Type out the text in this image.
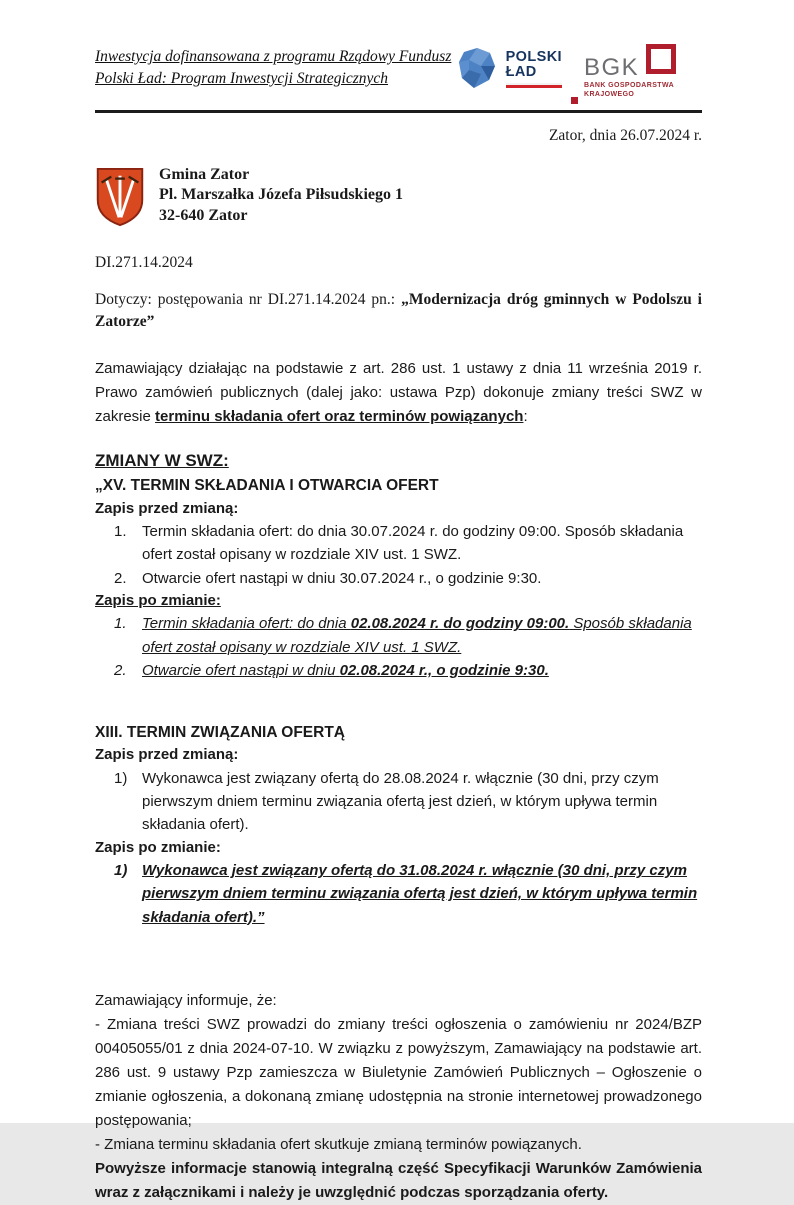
Inwestycja dofinansowana z programu Rządowy Fundusz Polski Ład: Program Inwestycji Strategicznych
POLSKI
ŁAD	BGK
BANK GOSPODARSTWA KRAJOWEGO
Zator, dnia 26.07.2024 r.
Gmina Zator
Pl. Marszałka Józefa Piłsudskiego 1
32-640 Zator
DI.271.14.2024
Dotyczy: postępowania nr DI.271.14.2024 pn.: „Modernizacja dróg gminnych w Podolszu i Zatorze”
Zamawiający działając na podstawie z art. 286 ust. 1 ustawy z dnia 11 września 2019 r. Prawo zamówień publicznych (dalej jako: ustawa Pzp) dokonuje zmiany treści SWZ w zakresie terminu składania ofert oraz terminów powiązanych:
ZMIANY W SWZ:
„XV. TERMIN SKŁADANIA I OTWARCIA OFERT
Zapis przed zmianą:
1.	Termin składania ofert: do dnia 30.07.2024 r. do godziny 09:00. Sposób składania ofert został opisany w rozdziale XIV ust. 1 SWZ.
2.	Otwarcie ofert nastąpi w dniu 30.07.2024 r., o godzinie 9:30.
Zapis po zmianie:
1.	Termin składania ofert: do dnia 02.08.2024 r. do godziny 09:00. Sposób składania ofert został opisany w rozdziale XIV ust. 1 SWZ.
2.	Otwarcie ofert nastąpi w dniu 02.08.2024 r., o godzinie 9:30.
XIII. TERMIN ZWIĄZANIA OFERTĄ
Zapis przed zmianą:
1) Wykonawca jest związany ofertą do 28.08.2024 r. włącznie (30 dni, przy czym pierwszym dniem terminu związania ofertą jest dzień, w którym upływa termin składania ofert).
Zapis po zmianie:
1) Wykonawca jest związany ofertą do 31.08.2024 r. włącznie (30 dni, przy czym pierwszym dniem terminu związania ofertą jest dzień, w którym upływa termin składania ofert).”

Zamawiający informuje, że:

- Zmiana treści SWZ prowadzi do zmiany treści ogłoszenia o zamówieniu nr 2024/BZP 00405055/01 z dnia 2024-07-10. W związku z powyższym, Zamawiający na podstawie art. 286 ust. 9 ustawy Pzp zamieszcza w Biuletynie Zamówień Publicznych – Ogłoszenie o zmianie ogłoszenia, a dokonaną zmianę udostępnia na stronie internetowej prowadzonego postępowania;

- Zmiana terminu składania ofert skutkuje zmianą terminów powiązanych.

Powyższe informacje stanowią integralną część Specyfikacji Warunków Zamówienia wraz z załącznikami i należy je uwzględnić podczas sporządzania oferty.
